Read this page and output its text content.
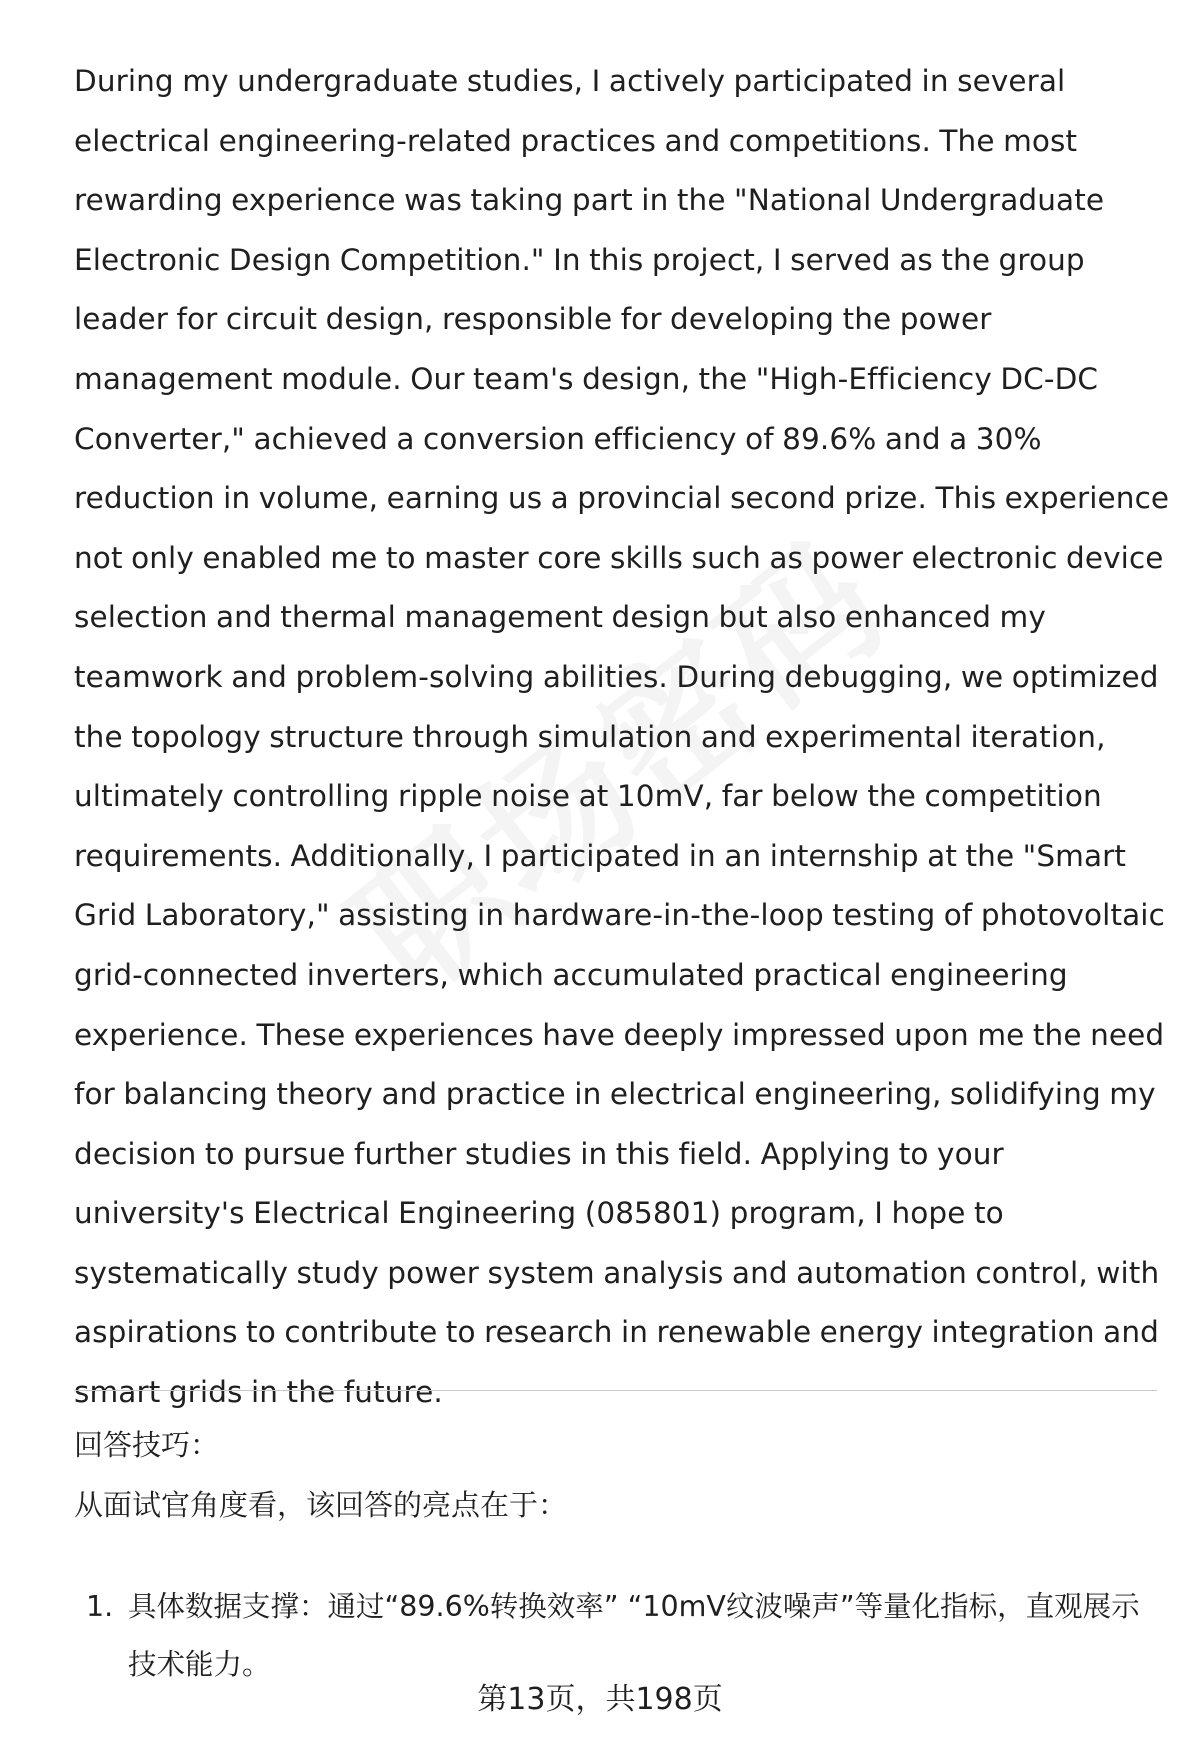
During my undergraduate studies, I actively participated in several electrical engineering-related practices and competitions. The most rewarding experience was taking part in the "National Undergraduate Electronic Design Competition." In this project, I served as the group leader for circuit design, responsible for developing the power management module. Our team's design, the "High-Efficiency DC-DC Converter," achieved a conversion efficiency of 89.6% and a 30% reduction in volume, earning us a provincial second prize. This experience not only enabled me to master core skills such as power electronic device selection and thermal management design but also enhanced my teamwork and problem-solving abilities. During debugging, we optimized the topology structure through simulation and experimental iteration, ultimately controlling ripple noise at 10mV, far below the competition requirements. Additionally, I participated in an internship at the "Smart Grid Laboratory," assisting in hardware-in-the-loop testing of photovoltaic grid-connected inverters, which accumulated practical engineering experience. These experiences have deeply impressed upon me the need for balancing theory and practice in electrical engineering, solidifying my decision to pursue further studies in this field. Applying to your university's Electrical Engineering (085801) program, I hope to systematically study power system analysis and automation control, with aspirations to contribute to research in renewable energy integration and smart grids in the future.

回答技巧：

从面试官角度看，该回答的亮点在于：

1. 具体数据支撑：通过“89.6%转换效率” “10mV纹波噪声”等量化指标，直观展示技术能力。

第13页，共198页
